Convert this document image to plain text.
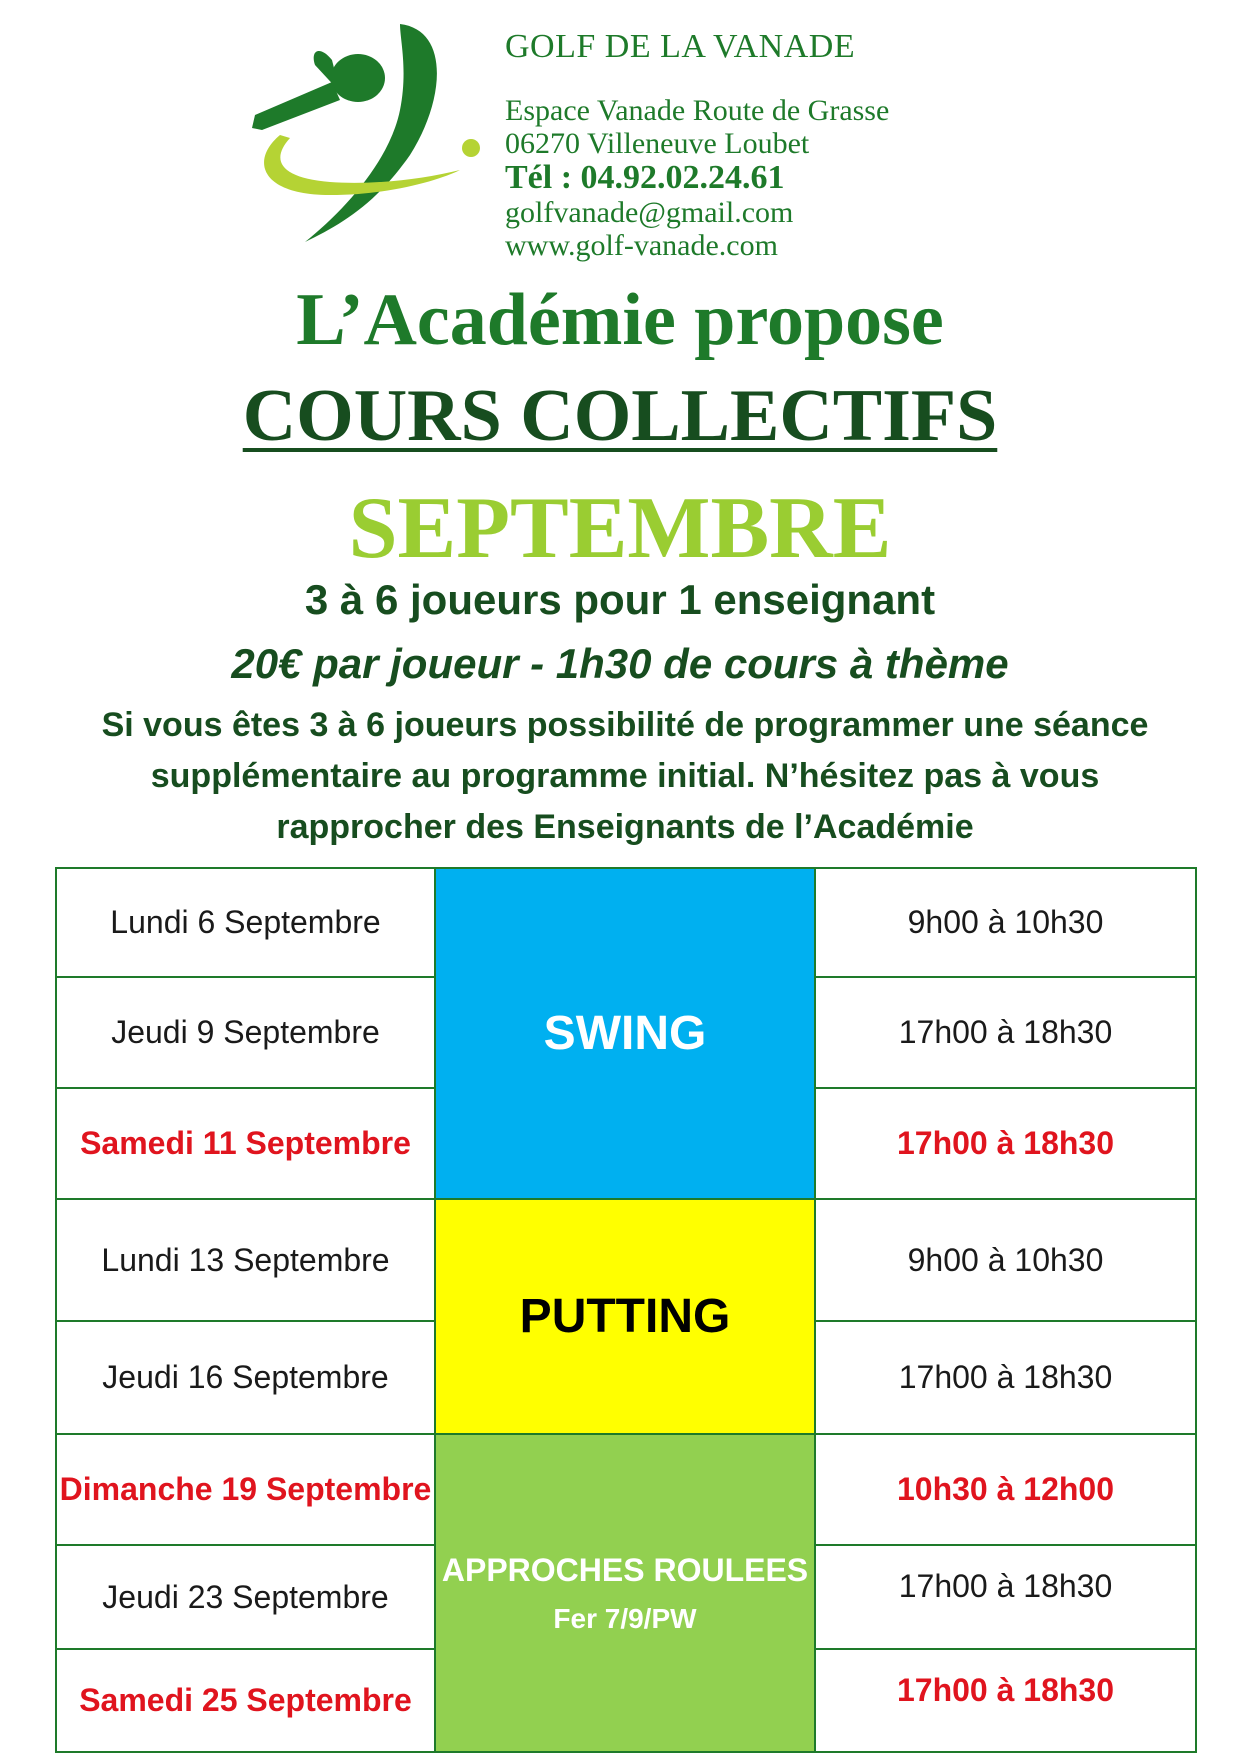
GOLF DE LA VANADE
Espace Vanade Route de Grasse
06270 Villeneuve Loubet
Tél : 04.92.02.24.61
golfvanade@gmail.com
www.golf-vanade.com
L’Académie propose
COURS COLLECTIFS
SEPTEMBRE
3 à 6 joueurs pour 1 enseignant
20€ par joueur - 1h30 de cours à thème
Si vous êtes 3 à 6 joueurs possibilité de programmer une séance supplémentaire au programme initial. N’hésitez pas à vous rapprocher des Enseignants de l’Académie
Lundi 6 Septembre
Jeudi 9 Septembre
Samedi 11 Septembre
Lundi 13 Septembre
Jeudi 16 Septembre
Dimanche 19 Septembre
Jeudi 23 Septembre
Samedi 25 Septembre
SWING
PUTTING
APPROCHES ROULEES
Fer 7/9/PW
9h00 à 10h30
17h00 à 18h30
17h00 à 18h30
9h00 à 10h30
17h00 à 18h30
10h30 à 12h00
17h00 à 18h30
17h00 à 18h30
